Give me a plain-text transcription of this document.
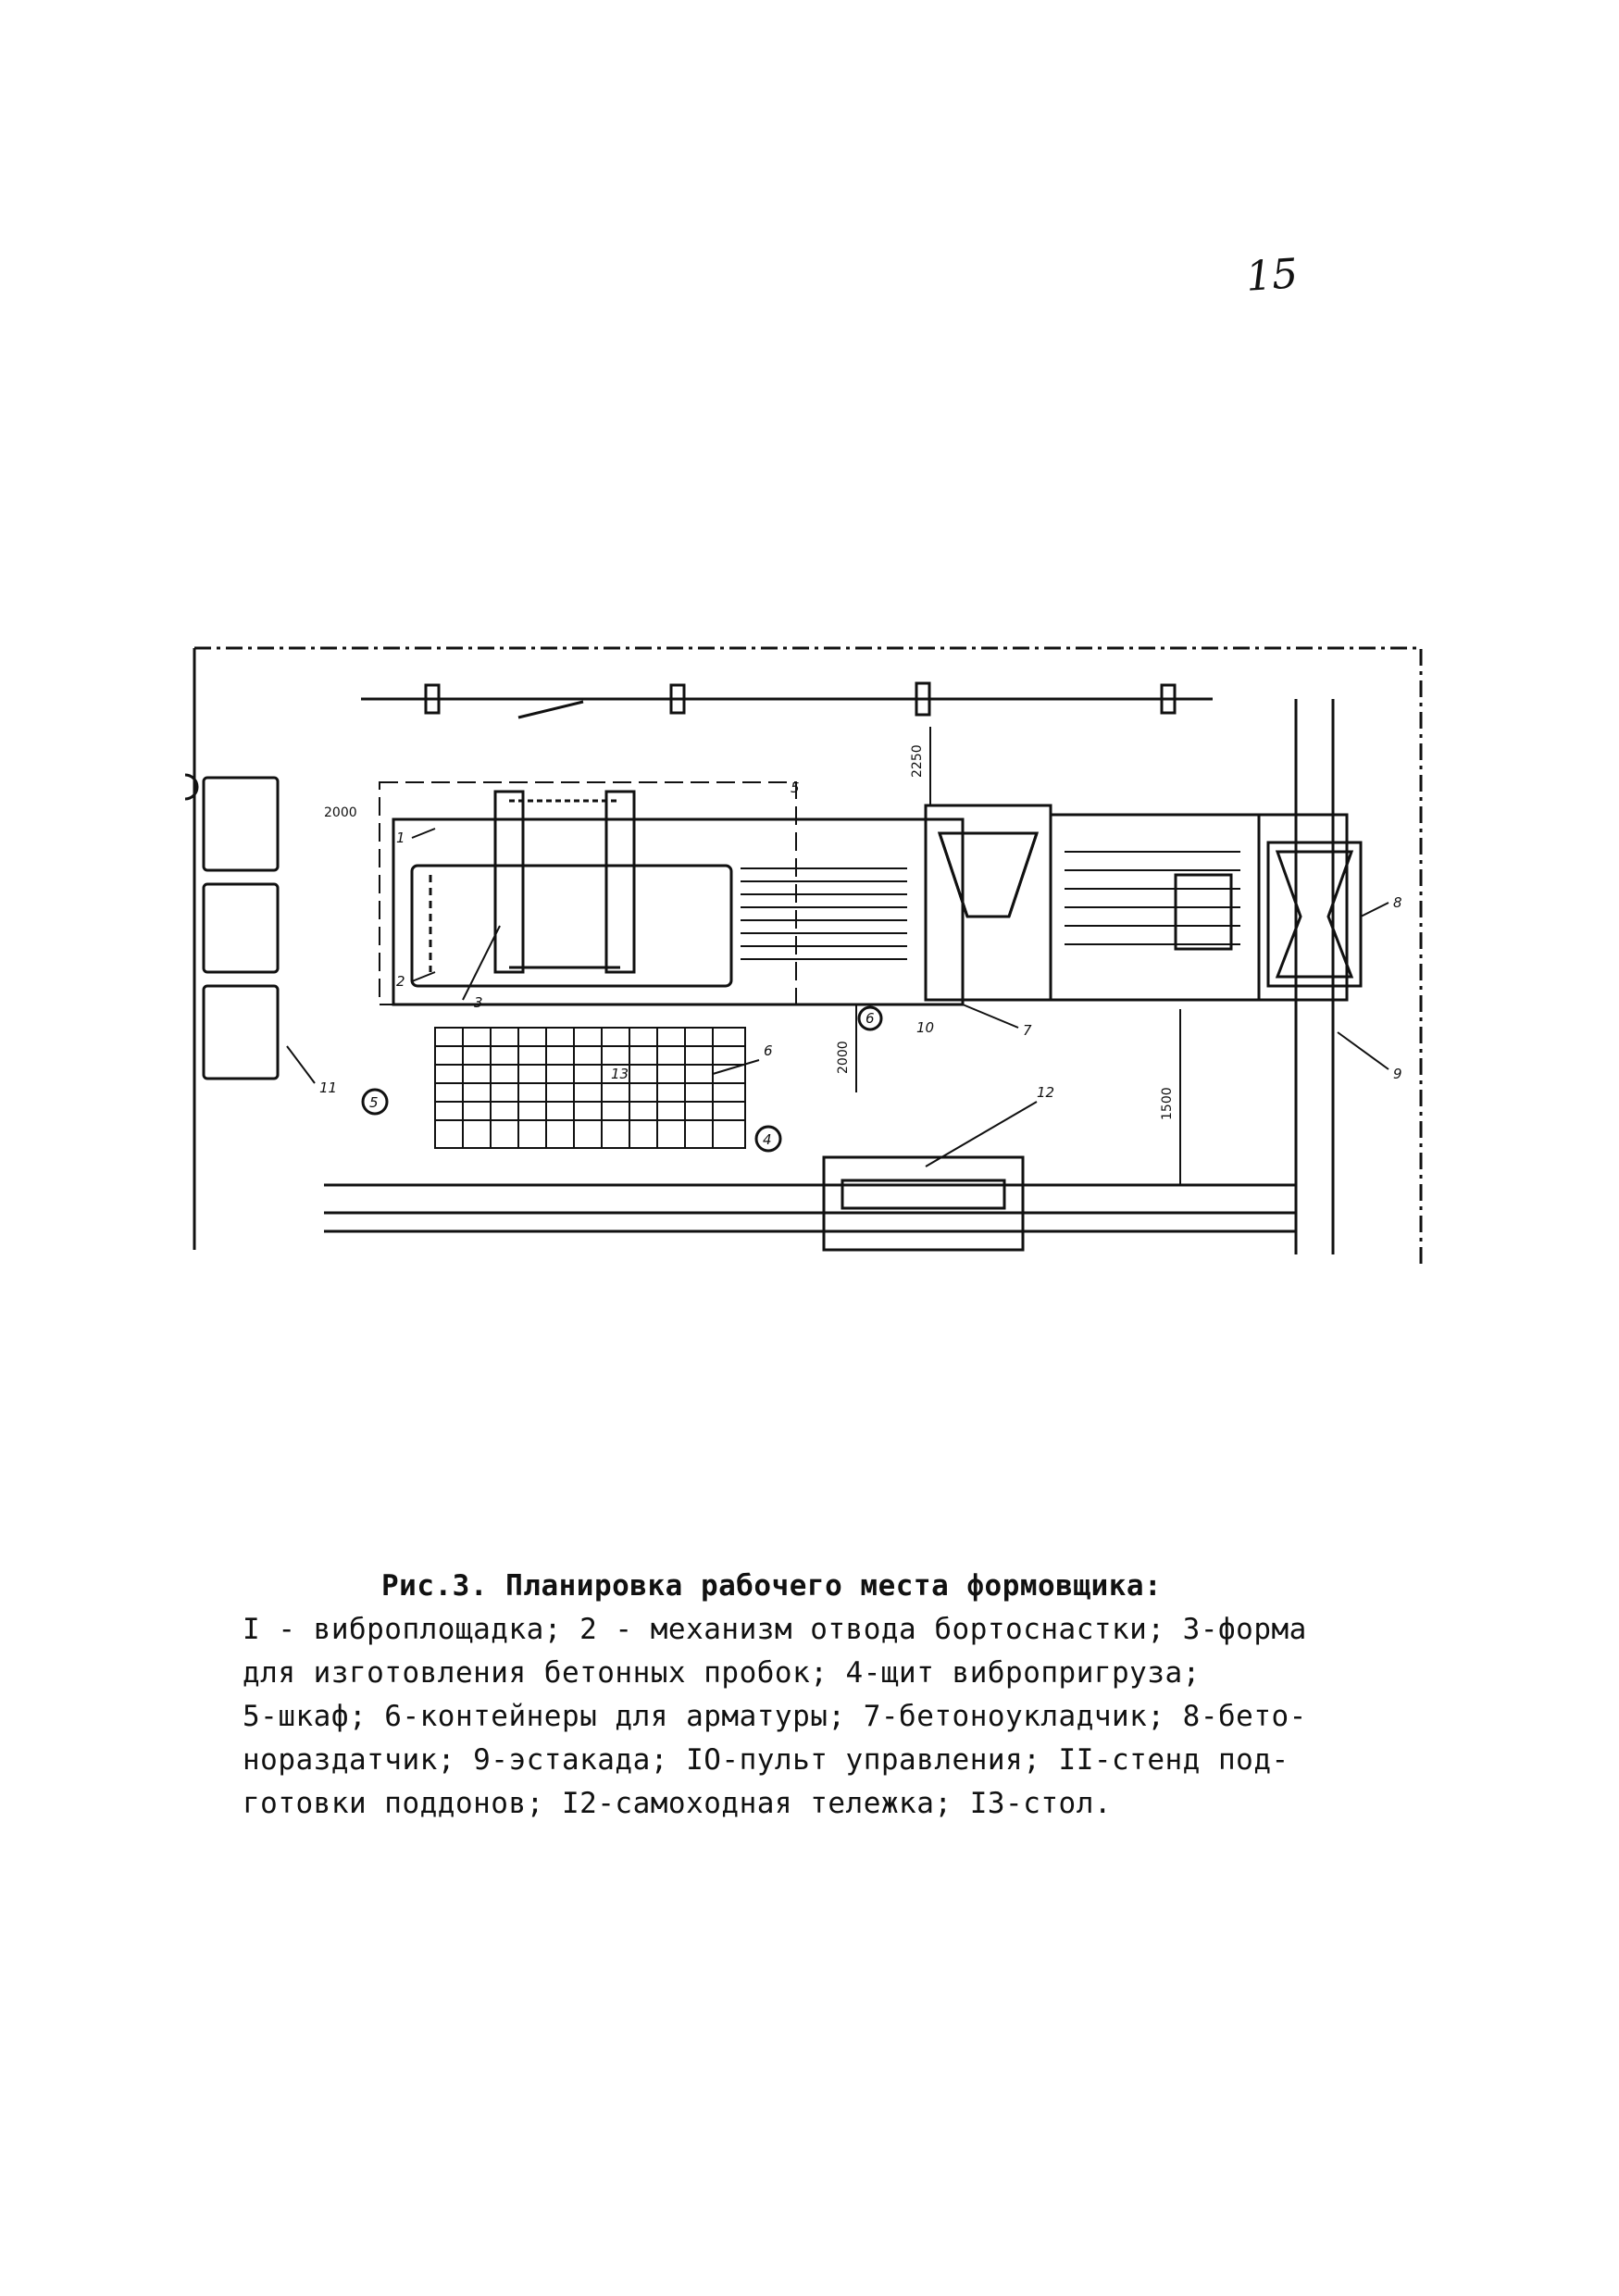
15
2000
2250
2000
1500
5
5
6
4
1
2
3
6
7
8
9
10
11	12
13
Рис.3. Планировка рабочего места формовщика:
I - виброплощадка; 2 - механизм отвода бортоснастки; 3-форма
для изготовления бетонных пробок; 4-щит вибропригруза;
5-шкаф; 6-контейнеры для арматуры; 7-бетоноукладчик; 8-бето-
нораздатчик; 9-эстакада; IO-пульт управления; II-стенд под-
готовки поддонов; I2-самоходная тележка; I3-стол.
